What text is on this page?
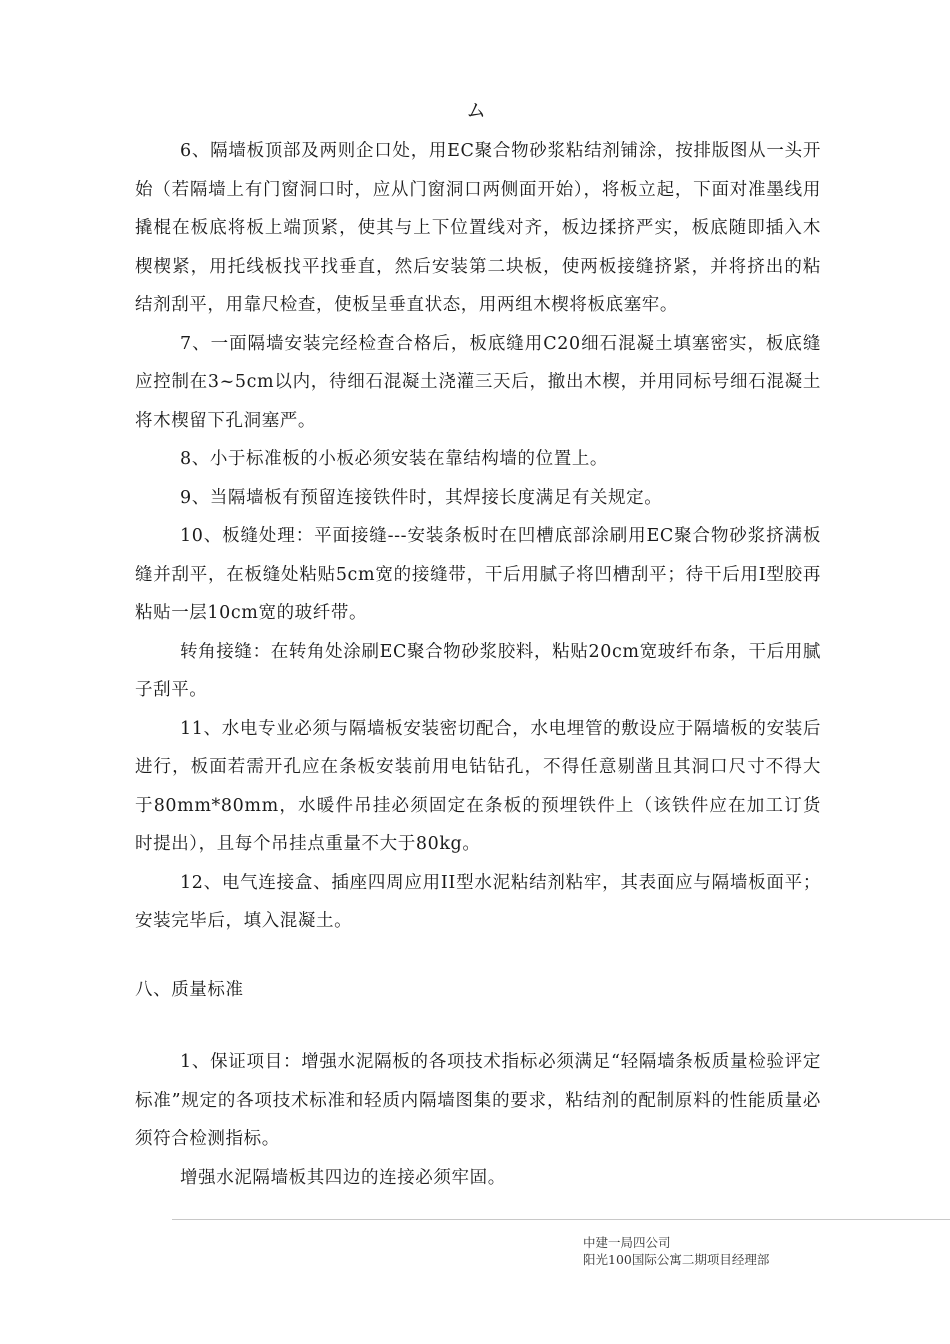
ム

6、隔墙板顶部及两则企口处，用EC聚合物砂浆粘结剂铺涂，按排版图从一头开始（若隔墙上有门窗洞口时，应从门窗洞口两侧面开始），将板立起，下面对准墨线用撬棍在板底将板上端顶紧，使其与上下位置线对齐，板边揉挤严实，板底随即插入木楔楔紧，用托线板找平找垂直，然后安装第二块板，使两板接缝挤紧，并将挤出的粘结剂刮平，用靠尺检查，使板呈垂直状态，用两组木楔将板底塞牢。

7、一面隔墙安装完经检查合格后，板底缝用C20细石混凝土填塞密实，板底缝应控制在3~5cm以内，待细石混凝土浇灌三天后，撤出木楔，并用同标号细石混凝土将木楔留下孔洞塞严。

8、小于标准板的小板必须安装在靠结构墙的位置上。

9、当隔墙板有预留连接铁件时，其焊接长度满足有关规定。

10、板缝处理：平面接缝---安装条板时在凹槽底部涂刷用EC聚合物砂浆挤满板缝并刮平，在板缝处粘贴5cm宽的接缝带，干后用腻子将凹槽刮平；待干后用I型胶再粘贴一层10cm宽的玻纤带。

转角接缝：在转角处涂刷EC聚合物砂浆胶料，粘贴20cm宽玻纤布条，干后用腻子刮平。

11、水电专业必须与隔墙板安装密切配合，水电埋管的敷设应于隔墙板的安装后进行，板面若需开孔应在条板安装前用电钻钻孔，不得任意剔凿且其洞口尺寸不得大于80mm*80mm，水暖件吊挂必须固定在条板的预埋铁件上（该铁件应在加工订货时提出），且每个吊挂点重量不大于80kg。

12、电气连接盒、插座四周应用II型水泥粘结剂粘牢，其表面应与隔墙板面平；安装完毕后，填入混凝土。

八、质量标准

1、保证项目：增强水泥隔板的各项技术指标必须满足“轻隔墙条板质量检验评定标准”规定的各项技术标准和轻质内隔墙图集的要求，粘结剂的配制原料的性能质量必须符合检测指标。

增强水泥隔墙板其四边的连接必须牢固。

中建一局四公司
阳光100国际公寓二期项目经理部
